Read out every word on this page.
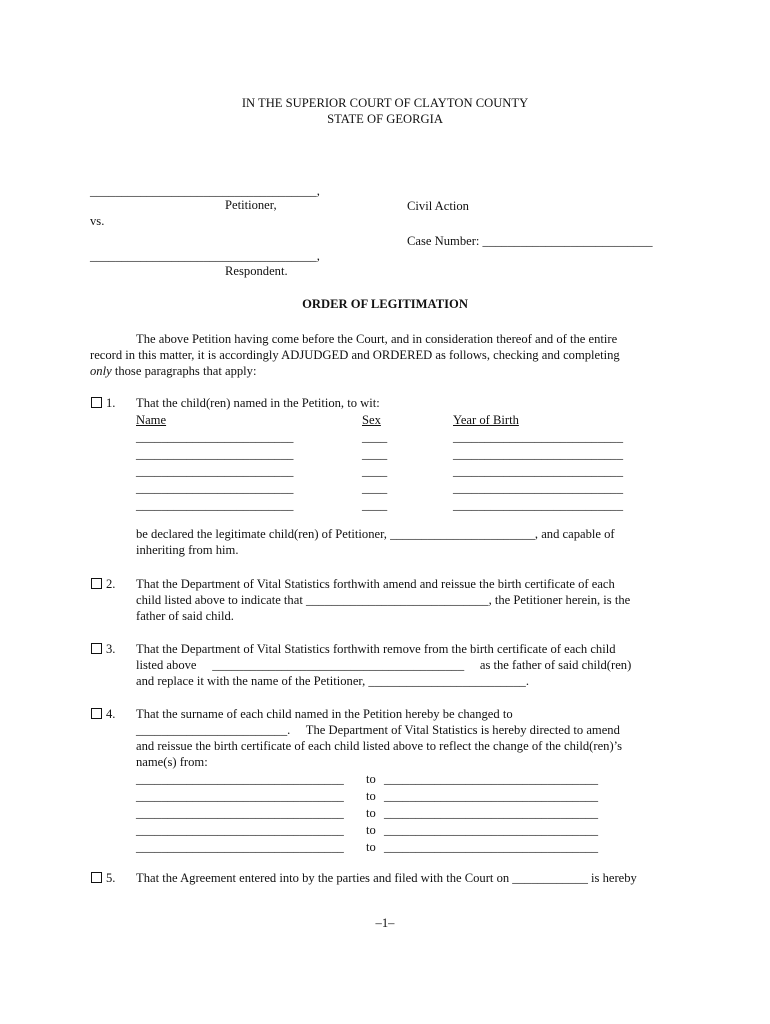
IN THE SUPERIOR COURT OF CLAYTON COUNTY
STATE OF GEORGIA
____________________________________,
Petitioner,	Civil Action
vs.
Case Number: ___________________________
____________________________________,
Respondent.
ORDER OF LEGITIMATION
The above Petition having come before the Court, and in consideration thereof and of the entire
record in this matter, it is accordingly ADJUDGED and ORDERED as follows, checking and completing
only those paragraphs that apply:
1. That the child(ren) named in the Petition, to wit:
Name	Sex	Year of Birth
_________________________	____	___________________________
_________________________	____	___________________________
_________________________	____	___________________________
_________________________	____	___________________________
_________________________	____	___________________________
be declared the legitimate child(ren) of Petitioner, _______________________, and capable of
inheriting from him.
2. That the Department of Vital Statistics forthwith amend and reissue the birth certificate of each
child listed above to indicate that _____________________________, the Petitioner herein, is the
father of said child.
3. That the Department of Vital Statistics forthwith remove from the birth certificate of each child
listed above     ________________________________________     as the father of said child(ren)
and replace it with the name of the Petitioner, _________________________.
4. That the surname of each child named in the Petition hereby be changed to
________________________.     The Department of Vital Statistics is hereby directed to amend
and reissue the birth certificate of each child listed above to reflect the change of the child(ren)’s
name(s) from:
_________________________________ to __________________________________
_________________________________ to __________________________________
_________________________________ to __________________________________
_________________________________ to __________________________________
_________________________________ to __________________________________
5. That the Agreement entered into by the parties and filed with the Court on ____________ is hereby
–1–
